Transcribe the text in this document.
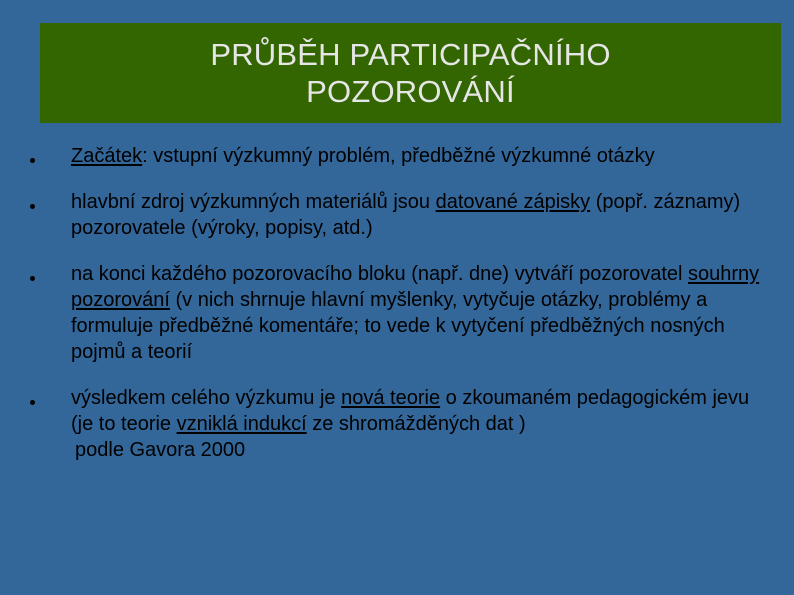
PRŮBĚH PARTICIPAČNÍHO
POZOROVÁNÍ
Začátek: vstupní výzkumný problém, předběžné výzkumné otázky
hlavbní zdroj výzkumných materiálů jsou datované zápisky (popř. záznamy) pozorovatele (výroky, popisy, atd.)
na konci každého pozorovacího bloku (např. dne) vytváří pozorovatel souhrny pozorování (v nich shrnuje hlavní myšlenky, vytyčuje otázky, problémy a formuluje předběžné komentáře; to vede k vytyčení předběžných nosných pojmů a teorií
výsledkem celého výzkumu je nová teorie o zkoumaném pedagogickém jevu (je to teorie vzniklá indukcí ze shromážděných dat )
podle Gavora 2000
